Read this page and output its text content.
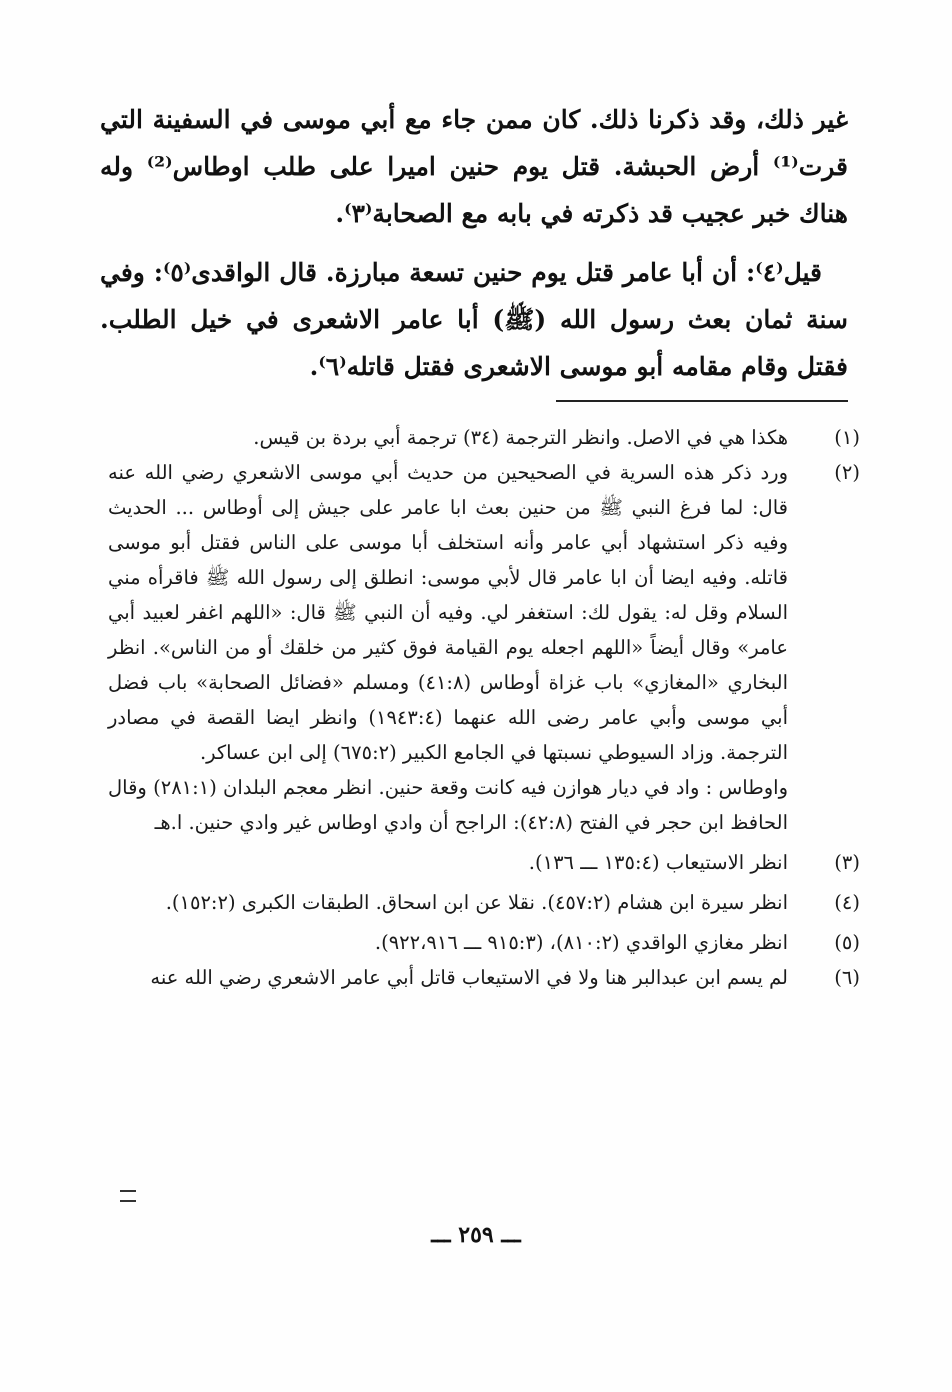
غير ذلك، وقد ذكرنا ذلك. كان ممن جاء مع أبي موسى في السفينة التي قرت⁽¹⁾ أرض الحبشة. قتل يوم حنين اميرا على طلب اوطاس⁽²⁾ وله هناك خبر عجيب قد ذكرته في بابه مع الصحابة⁽٣⁾.

قيل⁽٤⁾: أن أبا عامر قتل يوم حنين تسعة مبارزة. قال الواقدى⁽٥⁾: وفي سنة ثمان بعث رسول الله (ﷺ) أبا عامر الاشعرى في خيل الطلب. فقتل وقام مقامه أبو موسى الاشعرى فقتل قاتله⁽٦⁾.

(١)
هكذا هي في الاصل. وانظر الترجمة (٣٤) ترجمة أبي بردة بن قيس.
(٢)
ورد ذكر هذه السرية في الصحيحين من حديث أبي موسى الاشعري رضي الله عنه قال: لما فرغ النبي ﷺ من حنين بعث ابا عامر على جيش إلى أوطاس ... الحديث وفيه ذكر استشهاد أبي عامر وأنه استخلف أبا موسى على الناس فقتل أبو موسى قاتله. وفيه ايضا أن ابا عامر قال لأبي موسى: انطلق إلى رسول الله ﷺ فاقرأه مني السلام وقل له: يقول لك: استغفر لي. وفيه أن النبي ﷺ قال: «اللهم اغفر لعبيد أبي عامر» وقال أيضاً «اللهم اجعله يوم القيامة فوق كثير من خلقك أو من الناس». انظر البخاري «المغازي» باب غزاة أوطاس (٤١:٨) ومسلم «فضائل الصحابة» باب فضل أبي موسى وأبي عامر رضى الله عنهما (١٩٤٣:٤) وانظر ايضا القصة في مصادر الترجمة. وزاد السيوطي نسبتها في الجامع الكبير (٦٧٥:٢) إلى ابن عساكر.
واوطاس : واد في ديار هوازن فيه كانت وقعة حنين. انظر معجم البلدان (٢٨١:١) وقال الحافظ ابن حجر في الفتح (٤٢:٨): الراجح أن وادي اوطاس غير وادي حنين. ا.هـ
(٣)
انظر الاستيعاب (١٣٥:٤ ـــ ١٣٦).
(٤)
انظر سيرة ابن هشام (٤٥٧:٢). نقلا عن ابن اسحاق. الطبقات الكبرى (١٥٢:٢).
(٥)
انظر مغازي الواقدي (٨١٠:٢)، (٩١٥:٣ ـــ ٩٢٢،٩١٦).
(٦)
لم يسم ابن عبدالبر هنا ولا في الاستيعاب قاتل أبي عامر الاشعري رضي الله عنه
ـــ ٢٥٩ ـــ
